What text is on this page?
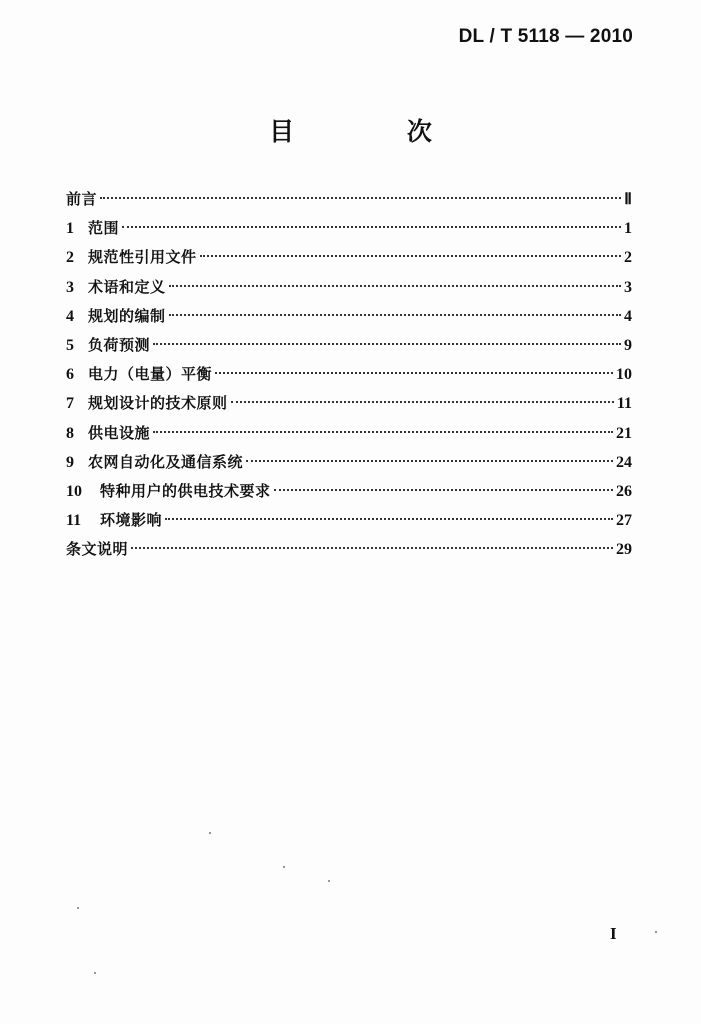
DL / T 5118 — 2010
目 次
前言	Ⅱ
1 范围	1
2 规范性引用文件	2
3 术语和定义	3
4 规划的编制	4
5 负荷预测	9
6 电力（电量）平衡	10
7 规划设计的技术原则	11
8 供电设施	21
9 农网自动化及通信系统	24
10	特种用户的供电技术要求	26
11	环境影响	27
条文说明	29
I
